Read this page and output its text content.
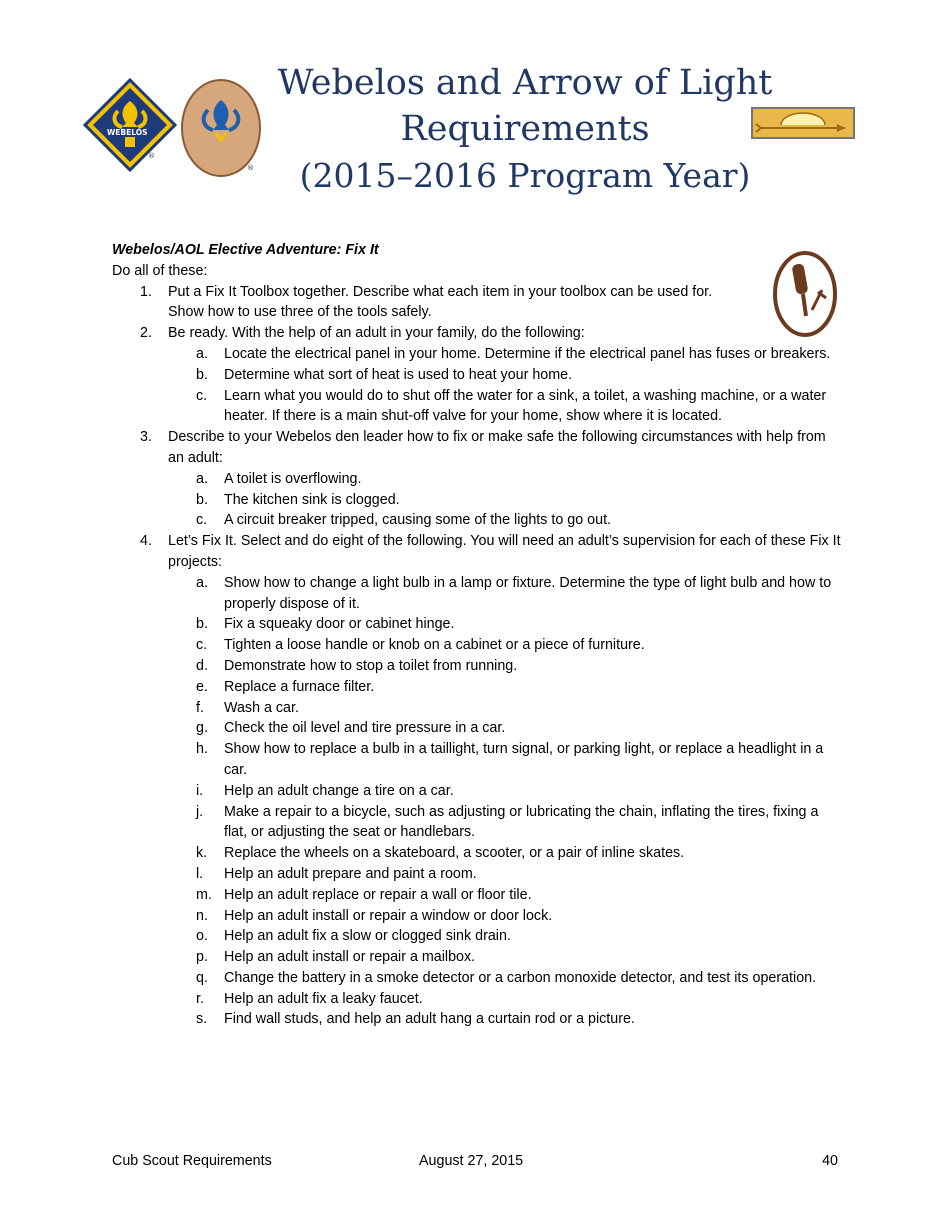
WEBELOS
®
®
Webelos and Arrow of Light
Requirements
(2015–2016 Program Year)
Webelos/AOL Elective Adventure: Fix It

Do all of these:

1. Put a Fix It Toolbox together. Describe what each item in your toolbox can be used for. Show how to use three of the tools safely.
2. Be ready. With the help of an adult in your family, do the following:
a. Locate the electrical panel in your home. Determine if the electrical panel has fuses or breakers.
b. Determine what sort of heat is used to heat your home.
c. Learn what you would do to shut off the water for a sink, a toilet, a washing machine, or a water heater. If there is a main shut-off valve for your home, show where it is located.
3. Describe to your Webelos den leader how to fix or make safe the following circumstances with help from an adult:
a. A toilet is overflowing.
b. The kitchen sink is clogged.
c. A circuit breaker tripped, causing some of the lights to go out.
4. Let’s Fix It. Select and do eight of the following. You will need an adult’s supervision for each of these Fix It projects:
a. Show how to change a light bulb in a lamp or fixture. Determine the type of light bulb and how to properly dispose of it.
b. Fix a squeaky door or cabinet hinge.
c. Tighten a loose handle or knob on a cabinet or a piece of furniture.
d. Demonstrate how to stop a toilet from running.
e. Replace a furnace filter.
f. Wash a car.
g. Check the oil level and tire pressure in a car.
h. Show how to replace a bulb in a taillight, turn signal, or parking light, or replace a headlight in a car.
i. Help an adult change a tire on a car.
j. Make a repair to a bicycle, such as adjusting or lubricating the chain, inflating the tires, fixing a flat, or adjusting the seat or handlebars.
k. Replace the wheels on a skateboard, a scooter, or a pair of inline skates.
l. Help an adult prepare and paint a room.
m. Help an adult replace or repair a wall or floor tile.
n. Help an adult install or repair a window or door lock.
o. Help an adult fix a slow or clogged sink drain.
p. Help an adult install or repair a mailbox.
q. Change the battery in a smoke detector or a carbon monoxide detector, and test its operation.
r. Help an adult fix a leaky faucet.
s. Find wall studs, and help an adult hang a curtain rod or a picture.
Cub Scout Requirements	August 27, 2015	40
